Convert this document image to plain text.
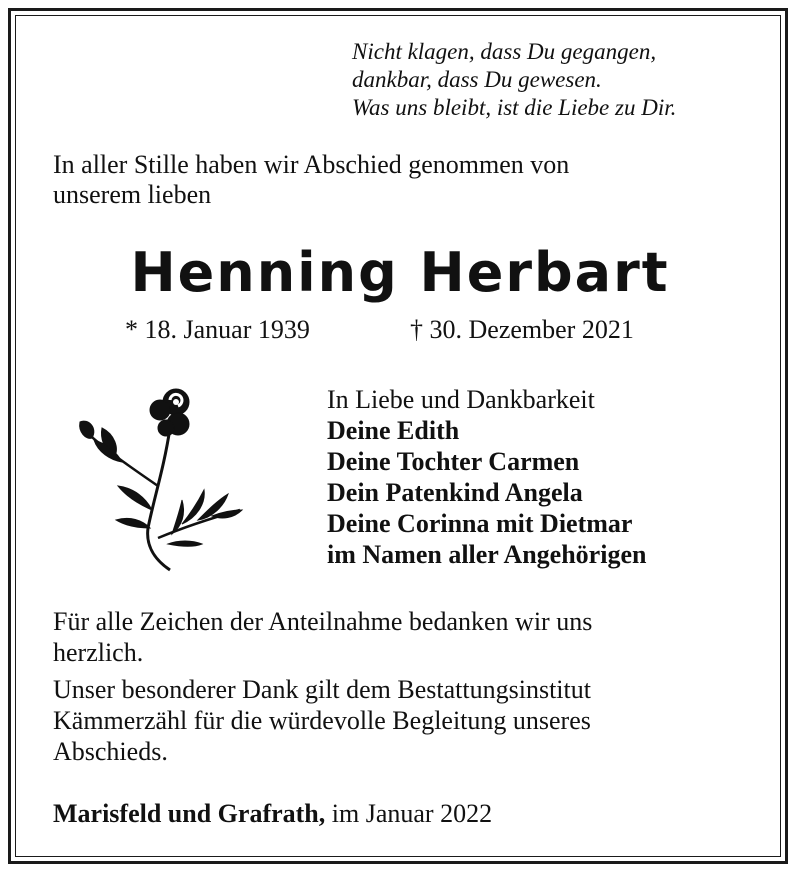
Nicht klagen, dass Du gegangen,
dankbar, dass Du gewesen.
Was uns bleibt, ist die Liebe zu Dir.
In aller Stille haben wir Abschied genommen von
unserem lieben
Henning Herbart
* 18. Januar 1939	† 30. Dezember 2021
In Liebe und Dankbarkeit
Deine Edith
Deine Tochter Carmen
Dein Patenkind Angela
Deine Corinna mit Dietmar
im Namen aller Angehörigen
Für alle Zeichen der Anteilnahme bedanken wir uns
herzlich.
Unser besonderer Dank gilt dem Bestattungsinstitut
Kämmerzähl für die würdevolle Begleitung unseres
Abschieds.
Marisfeld und Grafrath, im Januar 2022
